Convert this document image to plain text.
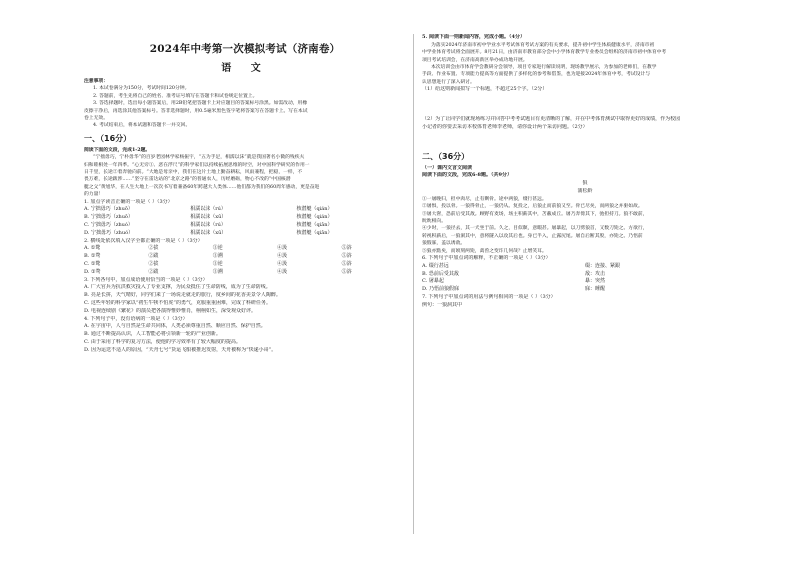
2024年中考第一次模拟考试（济南卷）
语 文
注意事项：
1. 本试卷满分为150分，考试时间120分钟。
2. 答题前，考生先将自己的姓名、准考证号填写在答题卡和试卷规定位置上。
3. 答选择题时，选出每小题答案后，用2B铅笔把答题卡上对应题目的答案标号涂黑。如需改动，用橡
皮擦干净后，再选涂其他答案标号。答非选择题时，用0.5毫米黑色签字笔将答案写在答题卡上。写在本试
卷上无效。
4. 考试结束后，将本试题和答题卡一并交回。
一、（16分）
阅读下面的文段，完成1-2题。
“宁拙毋巧，宁朴毋华”的百岁老园林学家杨振宇，“五为手足，相濡以沫”就是我国著名小微的残疾夫
妇和睦相处一年四季。“心无旁①、恶在浮尺”的科学家们以持续拓展思维的时空，对中国科学研究的作用一
日千里，长途②着奔驰向前。“大地是母亲中，我们在这片土地上勤奋耕耘，风雨兼程，把稳，一样，不
畏万难，长途跋涉……”坚守在雷达站的“北京之路”的普通农人，历经磨砺，物心不改的“中国核潜
艇之父”黄旭华，在人生大地上一次次书写着兼备60年跨越大人类体……他们都为我们的60周年感动，更是奋进
的力量！
1. 加点字读音正确的一项是（ ）（3分）
A. 宁拙毋巧（zhuō）	相濡以沫（rú）	核潜艇（qián）
B. 宁拙毋巧（zhuō）	相濡以沫（xū）	核潜艇（qián）
C. 宁拙毋巧（zhuó）	相濡以沫（rú）	核潜艇（qiǎn）
D. 宁拙毋巧（zhuó）	相濡以沫（xū）	核潜艇（qiǎn）
2. 横线处依次填入汉字全都正确的一项是（ ）（3分）
A. ①鹜	②拔	③逆	④汲	⑤浴
B. ①骛	②跋	③溯	④汲	⑤浴
C. ①鹜	②拔	③逆	④汲	⑤浴
D. ①骛	②跋	③溯	④汲	⑤浴
3. 下列各句中，加点成语使用恰当的一项是（ ）（3分）
A. 广大官兵为抗洪救灾投入了专业支撑，为民众抵住了生命防线，成为了生命防线。
B. 亮是长拼，天气晴好，同学们来了一场说走就走的旅行，度乡间的花香美景令人陶醉。
C. 这些年轻的科学家以“初生牛犊不怕虎”的勇气，克服重重困难，完成了科研任务。
D. 电视连续剧《繁花》的演员把各演得惟妙惟肖，栩栩如生，深受观众好评。
4. 下列句子中，没有语病的一项是（ ）（3分）
A. 在宇宙中，人与自然是生命共同体，人类必须尊重自然、顺应自然、保护自然。
B. 通过不断提高认识，人工智能必将引领新一轮的产业创新。
C. 由于采用了科学的复习方法，使他的学习效率有了较大幅度的提高。
D. 因为运送不适人的原因，“天舟七号”货运飞船被推迟发射，天舟被称为“快递小哥”。
5. 阅读下面一则新闻内容，完成小题。（4分）
为落实2024年济南市初中学业水平考试体育考试方案的有关要求，提升初中学生体质健康水平，济南市初
中学业体育考试将全面展开。8月21日，由济南市教育部分会中小学体育教学专业委员会组织的济南市初中体育中考
项目考试培训会，在济南高新区举办成功地开展。
本次培训会由市体育学会教研分会领导，项目专家进行解读说明，现场教学展示，为参加的老师们，在教学
手段、作业布置、专项能力提高等方面提供了多样化的参考和借鉴，也为迎接2024年体育中考，考试设计与
认思想进行了深入研讨。
（1）给这则新闻拟写一个标题，不超过25个字。（2分）
（2）为了让同学们就现场练习并回答中考考试题目有更清晰的了解，并在中考体育测试中取得更好的成绩，作为校园
小记者的你要去采访本校体育老师李老师，请你设计两个采访问题。（2分）
二、（36分）
（一）课内文言文阅读
阅读下面的文段，完成6-8题。（共9分）
狼
蒲松龄
①一屠晚归，担中肉尽，止有剩骨。途中两狼，缀行甚远。
②屠惧，投以骨。一狼得骨止，一狼仍从。复投之，后狼止而前狼又至。骨已尽矣，而两狼之并驱如故。
③屠大窘，恐前后受其敌。顾野有麦场，场主积薪其中，苫蔽成丘。屠乃奔倚其下，弛担持刀。狼不敢前，
眈眈相向。
④少时，一狼径去，其一犬坐于前。久之，目似瞑，意暇甚。屠暴起，以刀劈狼首，又数刀毙之。方欲行，
转视积薪后，一狼洞其中，意将隧入以攻其后也。身已半入，止露尻尾。屠自后断其股，亦毙之。乃悟前
狼假寐，盖以诱敌。
⑤狼亦黠矣，而顷刻两毙，禽兽之变诈几何哉？止增笑耳。
6. 下列句子中加点词的解释，不正确的一项是（ ）（3分）
A. 缀行甚远	缀：连接、紧跟
B. 恐前后受其敌	敌：攻击
C. 屠暴起	暴：突然
D. 乃悟前狼假寐	寐：睡醒
7. 下列句子中加点词的用法与例句相同的一项是（ ）（3分）
例句：一狼洞其中
